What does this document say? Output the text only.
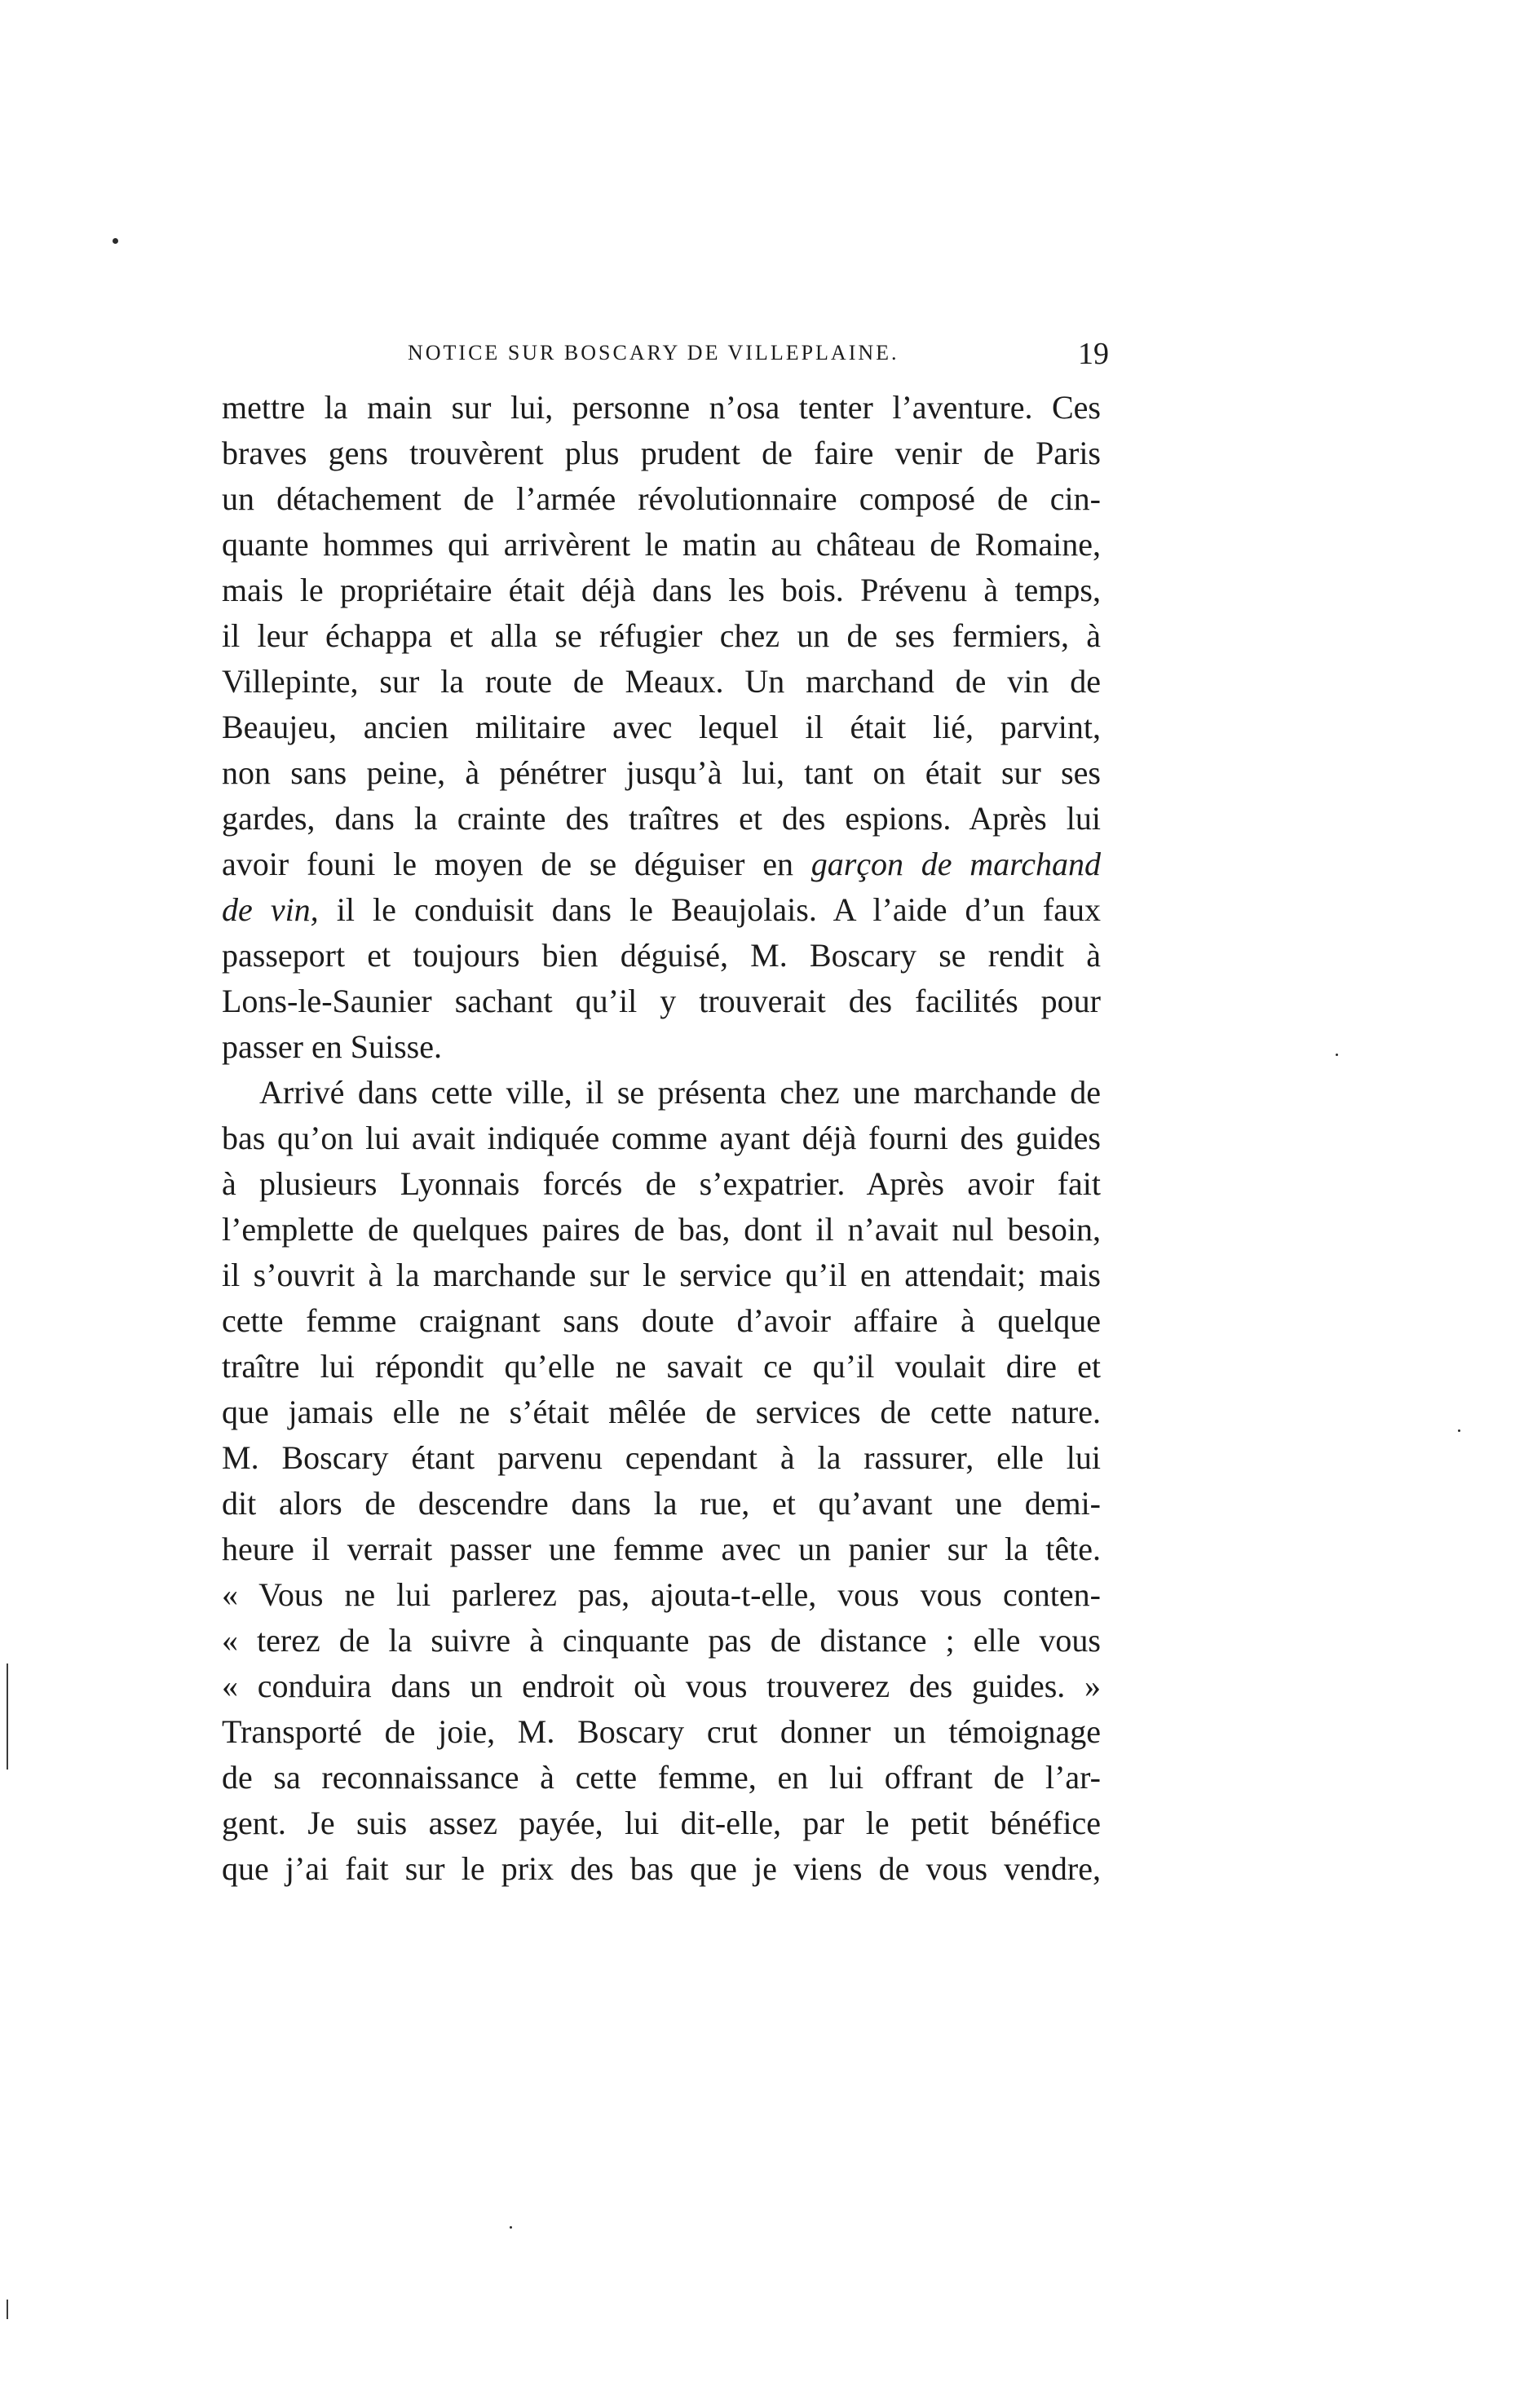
NOTICE SUR BOSCARY DE VILLEPLAINE.	19
mettre la main sur lui, personne n’osa tenter l’aventure. Ces
braves gens trouvèrent plus prudent de faire venir de Paris
un détachement de l’armée révolutionnaire composé de cin-
quante hommes qui arrivèrent le matin au château de Romaine,
mais le propriétaire était déjà dans les bois. Prévenu à temps,
il leur échappa et alla se réfugier chez un de ses fermiers, à
Villepinte, sur la route de Meaux. Un marchand de vin de
Beaujeu, ancien militaire avec lequel il était lié, parvint,
non sans peine, à pénétrer jusqu’à lui, tant on était sur ses
gardes, dans la crainte des traîtres et des espions. Après lui
avoir founi le moyen de se déguiser en garçon de marchand
de vin, il le conduisit dans le Beaujolais. A l’aide d’un faux
passeport et toujours bien déguisé, M. Boscary se rendit à
Lons-le-Saunier sachant qu’il y trouverait des facilités pour
passer en Suisse.
Arrivé dans cette ville, il se présenta chez une marchande de
bas qu’on lui avait indiquée comme ayant déjà fourni des guides
à plusieurs Lyonnais forcés de s’expatrier. Après avoir fait
l’emplette de quelques paires de bas, dont il n’avait nul besoin,
il s’ouvrit à la marchande sur le service qu’il en attendait; mais
cette femme craignant sans doute d’avoir affaire à quelque
traître lui répondit qu’elle ne savait ce qu’il voulait dire et
que jamais elle ne s’était mêlée de services de cette nature.
M. Boscary étant parvenu cependant à la rassurer, elle lui
dit alors de descendre dans la rue, et qu’avant une demi-
heure il verrait passer une femme avec un panier sur la tête.
« Vous ne lui parlerez pas, ajouta-t-elle, vous vous conten-
« terez de la suivre à cinquante pas de distance ; elle vous
« conduira dans un endroit où vous trouverez des guides. »
Transporté de joie, M. Boscary crut donner un témoignage
de sa reconnaissance à cette femme, en lui offrant de l’ar-
gent. Je suis assez payée, lui dit-elle, par le petit bénéfice
que j’ai fait sur le prix des bas que je viens de vous vendre,
